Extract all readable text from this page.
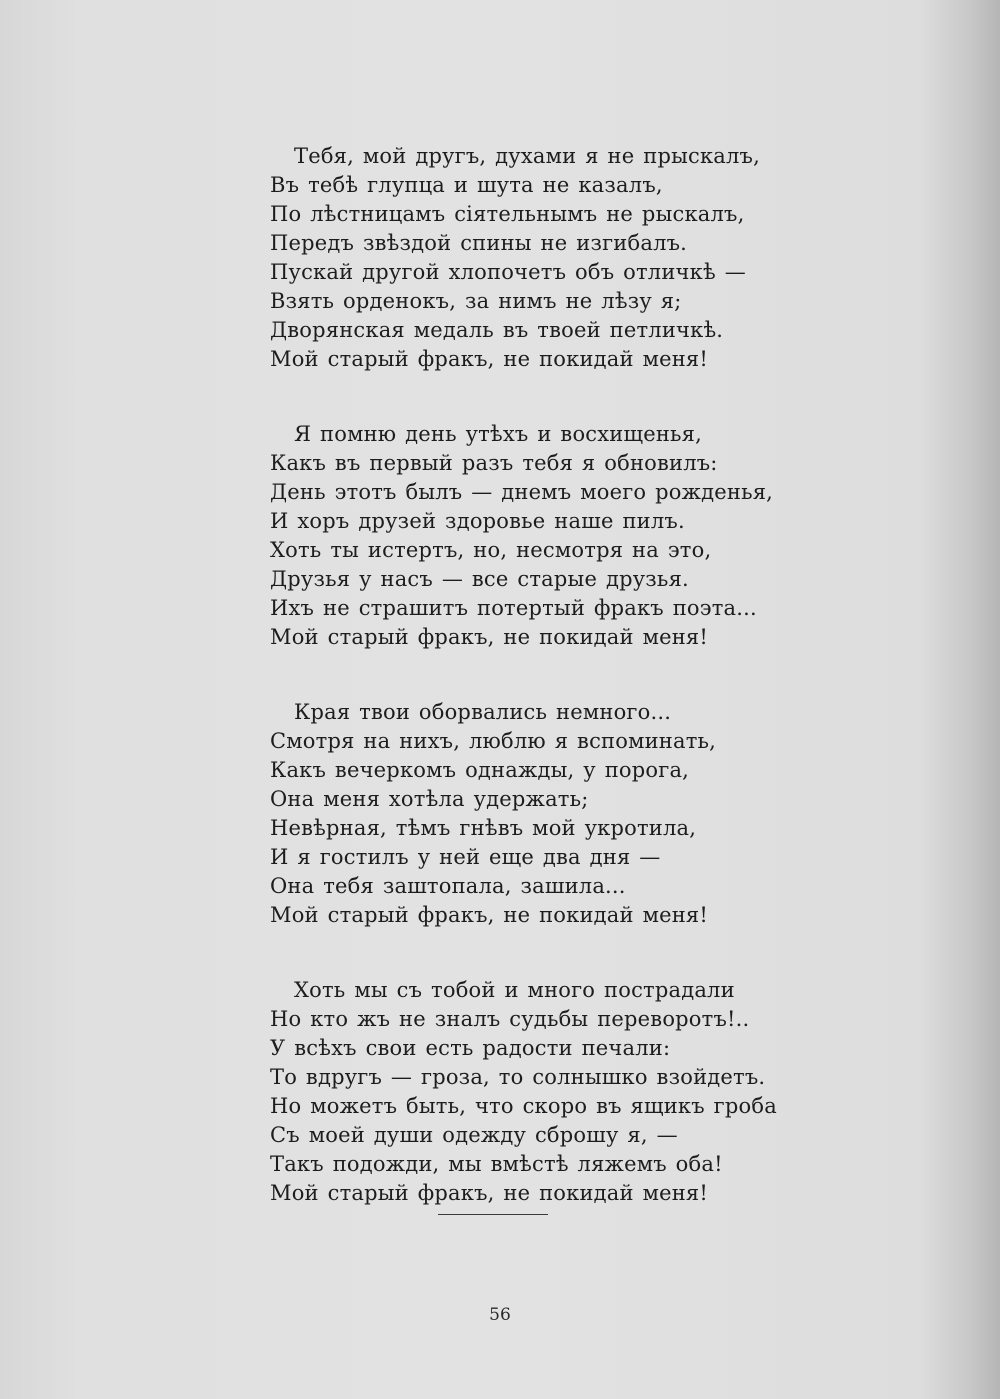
Тебя, мой другъ, духами я не прыскалъ,
Въ тебѣ глупца и шута не казалъ,
По лѣстницамъ сіятельнымъ не рыскалъ,
Передъ звѣздой спины не изгибалъ.
Пускай другой хлопочетъ объ отличкѣ —
Взять орденокъ, за нимъ не лѣзу я;
Дворянская медаль въ твоей петличкѣ.
Мой старый фракъ, не покидай меня!
Я помню день утѣхъ и восхищенья,
Какъ въ первый разъ тебя я обновилъ:
День этотъ былъ — днемъ моего рожденья,
И хоръ друзей здоровье наше пилъ.
Хоть ты истертъ, но, несмотря на это,
Друзья у насъ — все старые друзья.
Ихъ не страшитъ потертый фракъ поэта...
Мой старый фракъ, не покидай меня!
Края твои оборвались немного...
Смотря на нихъ, люблю я вспоминать,
Какъ вечеркомъ однажды, у порога,
Она меня хотѣла удержать;
Невѣрная, тѣмъ гнѣвъ мой укротила,
И я гостилъ у ней еще два дня —
Она тебя заштопала, зашила...
Мой старый фракъ, не покидай меня!
Хоть мы съ тобой и много пострадали
Но кто жъ не зналъ судьбы переворотъ!..
У всѣхъ свои есть радости печали:
То вдругъ — гроза, то солнышко взойдетъ.
Но можетъ быть, что скоро въ ящикъ гроба
Съ моей души одежду сброшу я, —
Такъ подожди, мы вмѣстѣ ляжемъ оба!
Мой старый фракъ, не покидай меня!
56
